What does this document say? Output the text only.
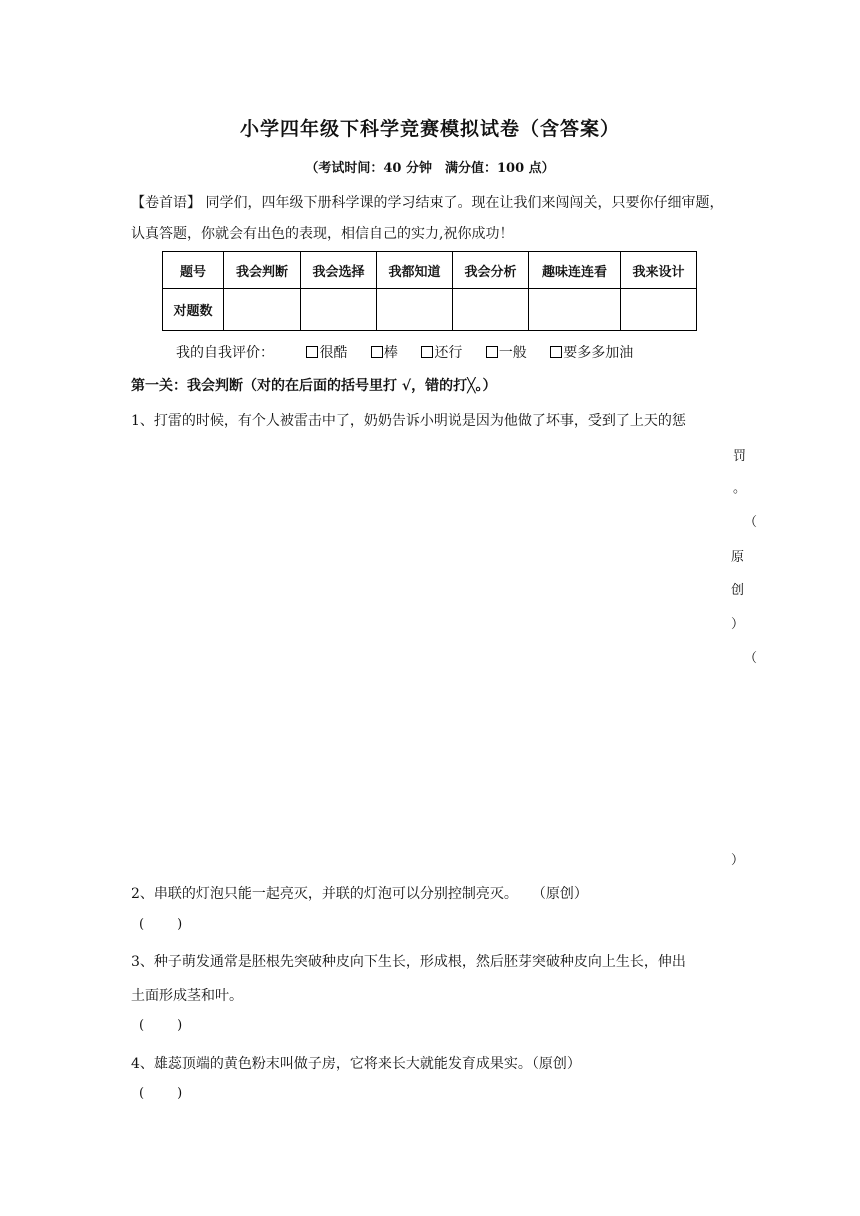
小学四年级下科学竞赛模拟试卷（含答案）
（考试时间：40 分钟　满分值：100 点）
【卷首语】 同学们，四年级下册科学课的学习结束了。现在让我们来闯闯关，只要你仔细审题，认真答题，你就会有出色的表现，相信自己的实力,祝你成功！
题号	我会判断	我会选择	我都知道	我会分析	趣味连连看	我来设计
对题数						
我的自我评价：	很酷	棒	还行	一般	要多多加油
第一关：我会判断（对的在后面的括号里打 √，错的打╳。）
1、打雷的时候，有个人被雷击中了，奶奶告诉小明说是因为他做了坏事，受到了上天的惩
罚
。
（
原
创
）
（
）
2、串联的灯泡只能一起亮灭，并联的灯泡可以分别控制亮灭。　　（原创）
(        )
3、种子萌发通常是胚根先突破种皮向下生长，形成根，然后胚芽突破种皮向上生长，伸出
土面形成茎和叶。
(        )
4、雄蕊顶端的黄色粉末叫做子房，它将来长大就能发育成果实。（原创）
(        )
